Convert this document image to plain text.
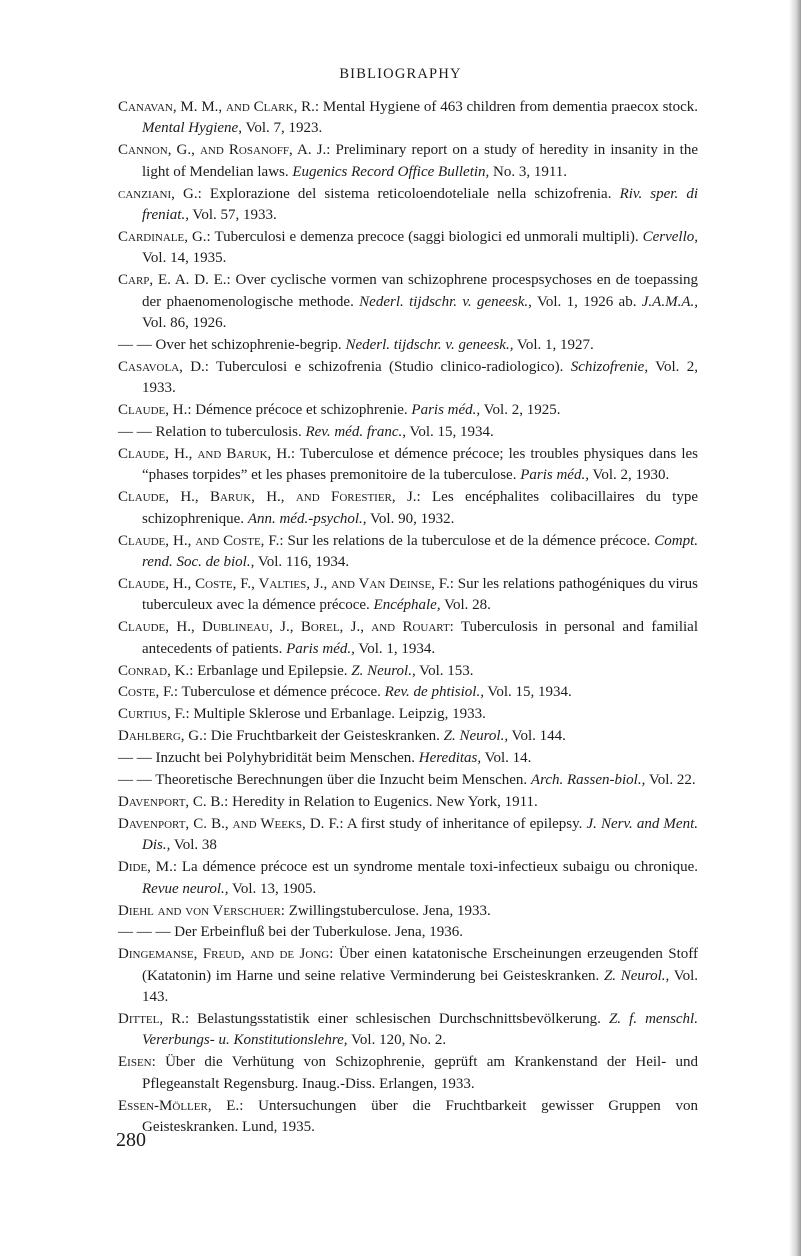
BIBLIOGRAPHY
Canavan, M. M., and Clark, R.: Mental Hygiene of 463 children from dementia praecox stock. Mental Hygiene, Vol. 7, 1923.
Cannon, G., and Rosanoff, A. J.: Preliminary report on a study of heredity in insanity in the light of Mendelian laws. Eugenics Record Office Bulletin, No. 3, 1911.
canziani, G.: Explorazione del sistema reticoloendoteliale nella schizofrenia. Riv. sper. di freniat., Vol. 57, 1933.
Cardinale, G.: Tuberculosi e demenza precoce (saggi biologici ed unmorali multipli). Cervello, Vol. 14, 1935.
Carp, E. A. D. E.: Over cyclische vormen van schizophrene procespsychoses en de toepassing der phaenomenologische methode. Nederl. tijdschr. v. geneesk., Vol. 1, 1926 ab. J.A.M.A., Vol. 86, 1926.
— — Over het schizophrenie-begrip. Nederl. tijdschr. v. geneesk., Vol. 1, 1927.
Casavola, D.: Tuberculosi e schizofrenia (Studio clinico-radiologico). Schizofrenie, Vol. 2, 1933.
Claude, H.: Démence précoce et schizophrenie. Paris méd., Vol. 2, 1925.
— — Relation to tuberculosis. Rev. méd. franc., Vol. 15, 1934.
Claude, H., and Baruk, H.: Tuberculose et démence précoce; les troubles physiques dans les “phases torpides” et les phases premonitoire de la tuberculose. Paris méd., Vol. 2, 1930.
Claude, H., Baruk, H., and Forestier, J.: Les encéphalites colibacillaires du type schizophrenique. Ann. méd.-psychol., Vol. 90, 1932.
Claude, H., and Coste, F.: Sur les relations de la tuberculose et de la démence précoce. Compt. rend. Soc. de biol., Vol. 116, 1934.
Claude, H., Coste, F., Valties, J., and Van Deinse, F.: Sur les relations pathogéniques du virus tuberculeux avec la démence précoce. Encéphale, Vol. 28.
Claude, H., Dublineau, J., Borel, J., and Rouart: Tuberculosis in personal and familial antecedents of patients. Paris méd., Vol. 1, 1934.
Conrad, K.: Erbanlage und Epilepsie. Z. Neurol., Vol. 153.
Coste, F.: Tuberculose et démence précoce. Rev. de phtisiol., Vol. 15, 1934.
Curtius, F.: Multiple Sklerose und Erbanlage. Leipzig, 1933.
Dahlberg, G.: Die Fruchtbarkeit der Geisteskranken. Z. Neurol., Vol. 144.
— — Inzucht bei Polyhybridität beim Menschen. Hereditas, Vol. 14.
— — Theoretische Berechnungen über die Inzucht beim Menschen. Arch. Rassen-biol., Vol. 22.
Davenport, C. B.: Heredity in Relation to Eugenics. New York, 1911.
Davenport, C. B., and Weeks, D. F.: A first study of inheritance of epilepsy. J. Nerv. and Ment. Dis., Vol. 38
Dide, M.: La démence précoce est un syndrome mentale toxi-infectieux subaigu ou chronique. Revue neurol., Vol. 13, 1905.
Diehl and von Verschuer: Zwillingstuberculose. Jena, 1933.
— — — Der Erbeinfluß bei der Tuberkulose. Jena, 1936.
Dingemanse, Freud, and de Jong: Über einen katatonische Erscheinungen erzeugenden Stoff (Katatonin) im Harne und seine relative Verminderung bei Geisteskranken. Z. Neurol., Vol. 143.
Dittel, R.: Belastungsstatistik einer schlesischen Durchschnittsbevölkerung. Z. f. menschl. Vererbungs- u. Konstitutionslehre, Vol. 120, No. 2.
Eisen: Über die Verhütung von Schizophrenie, geprüft am Krankenstand der Heil- und Pflegeanstalt Regensburg. Inaug.-Diss. Erlangen, 1933.
Essen-Möller, E.: Untersuchungen über die Fruchtbarkeit gewisser Gruppen von Geisteskranken. Lund, 1935.
280
